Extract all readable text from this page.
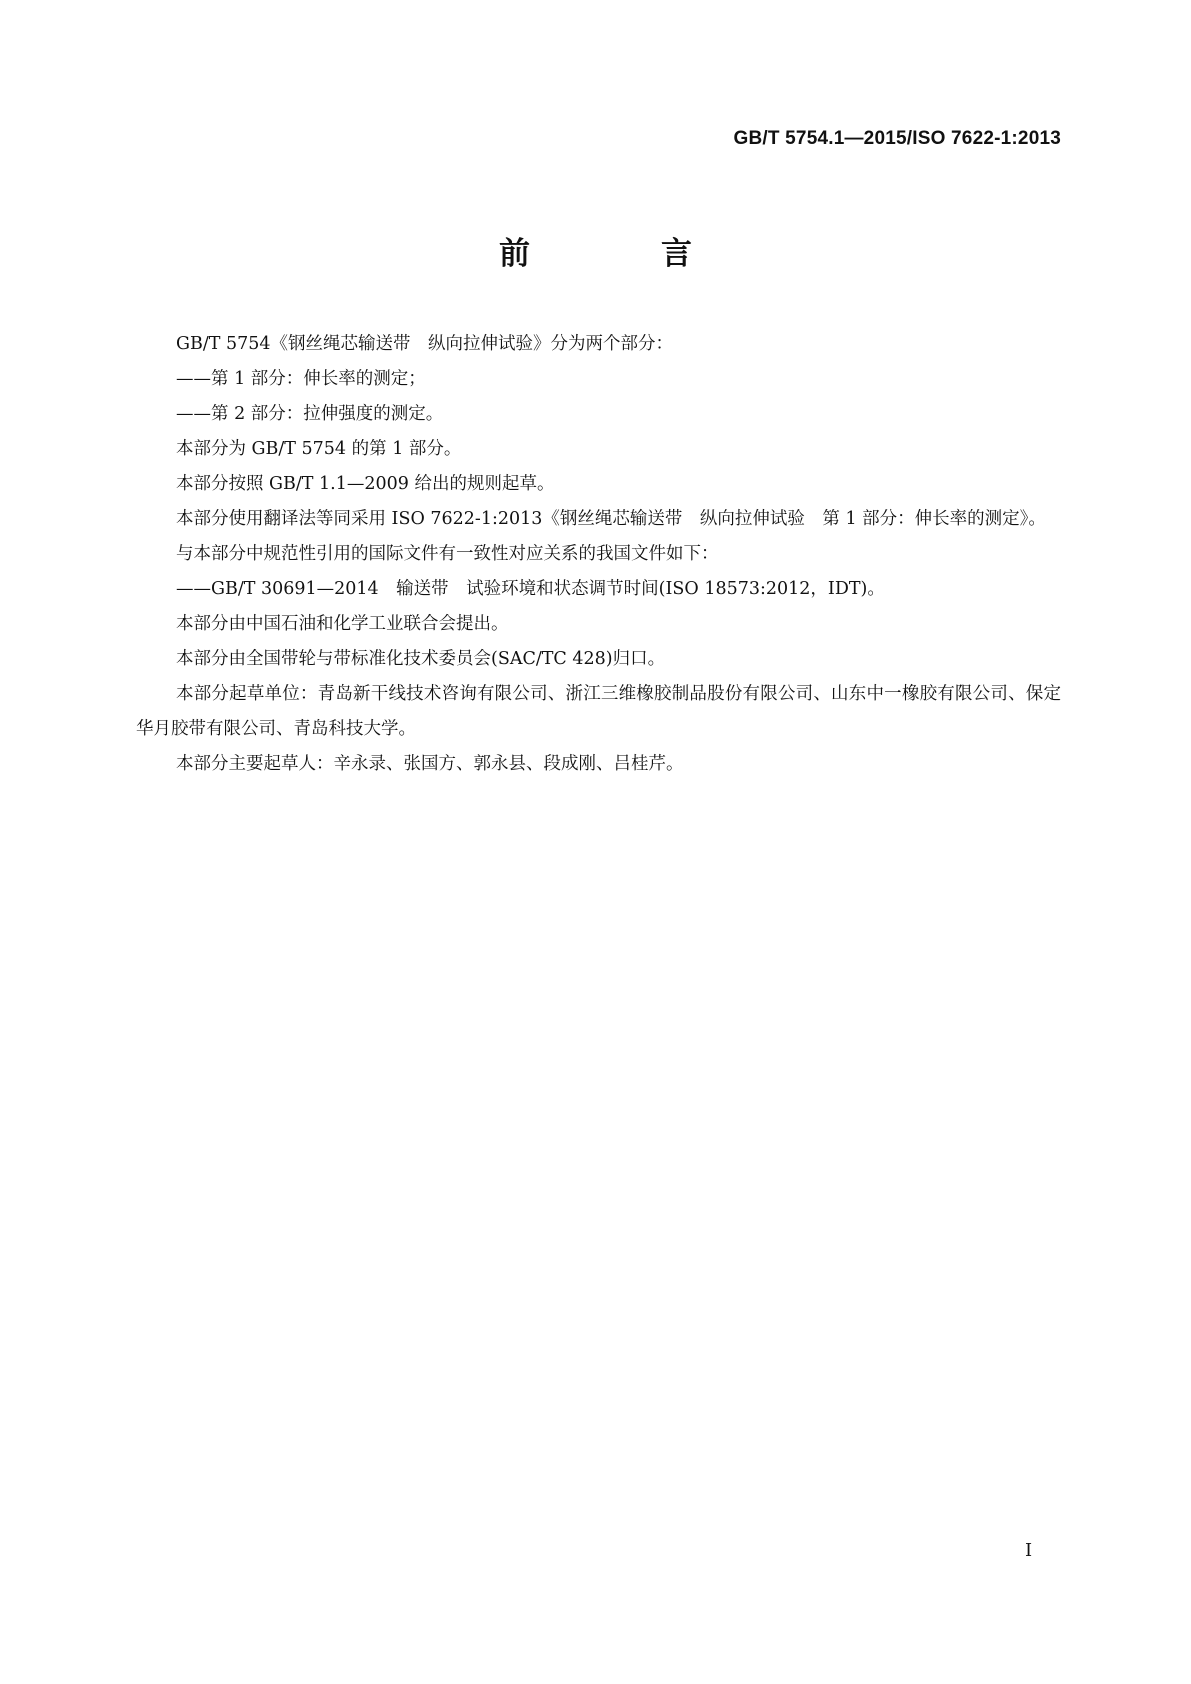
GB/T 5754.1—2015/ISO 7622-1:2013
前　言

GB/T 5754《钢丝绳芯输送带　纵向拉伸试验》分为两个部分：

——第 1 部分：伸长率的测定；

——第 2 部分：拉伸强度的测定。

本部分为 GB/T 5754 的第 1 部分。

本部分按照 GB/T 1.1—2009 给出的规则起草。

本部分使用翻译法等同采用 ISO 7622-1:2013《钢丝绳芯输送带　纵向拉伸试验　第 1 部分：伸长率的测定》。

与本部分中规范性引用的国际文件有一致性对应关系的我国文件如下：

——GB/T 30691—2014　输送带　试验环境和状态调节时间(ISO 18573:2012，IDT)。

本部分由中国石油和化学工业联合会提出。

本部分由全国带轮与带标准化技术委员会(SAC/TC 428)归口。

本部分起草单位：青岛新干线技术咨询有限公司、浙江三维橡胶制品股份有限公司、山东中一橡胶有限公司、保定华月胶带有限公司、青岛科技大学。

本部分主要起草人：辛永录、张国方、郭永县、段成刚、吕桂芹。

I
